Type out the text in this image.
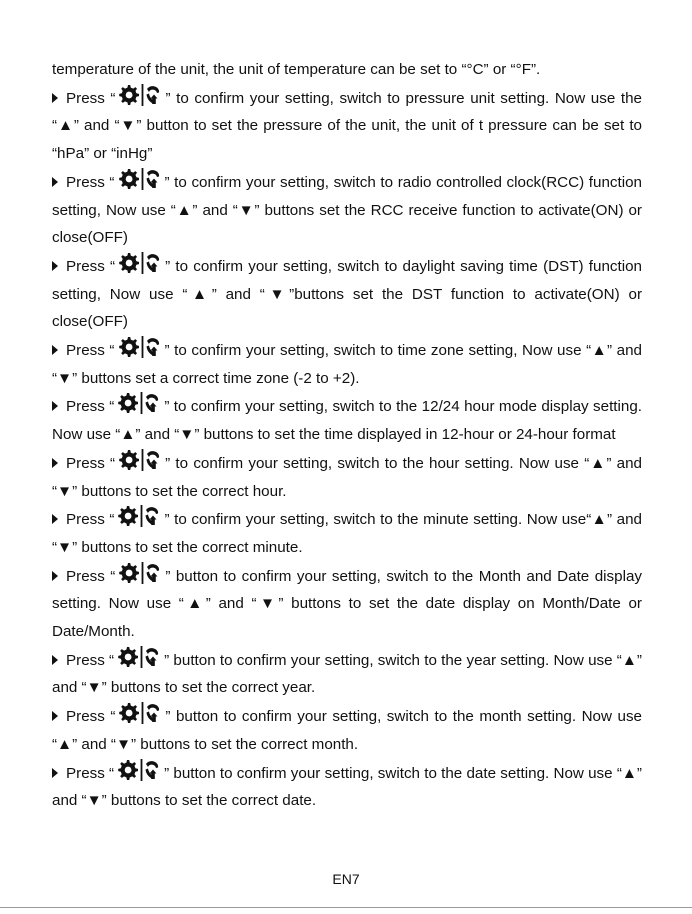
temperature of the unit, the unit of temperature can be set to “°C” or “°F”.

Press “	” to confirm your setting, switch to pressure unit setting. Now use the “▲” and “▼” button to set the pressure of the unit, the unit of t pressure can be set to “hPa” or “inHg”

Press “	” to confirm your setting, switch to radio controlled clock(RCC) function setting, Now use “▲” and “▼” buttons set the RCC receive function to activate(ON) or close(OFF)

Press “	” to confirm your setting, switch to daylight saving time (DST) function setting, Now use “▲” and “▼”buttons set the DST function to activate(ON) or close(OFF)

Press “	” to confirm your setting, switch to time zone setting, Now use “▲” and “▼” buttons set a correct time zone (-2 to +2).

Press “	” to confirm your setting, switch to the 12/24 hour mode display setting. Now use “▲” and “▼” buttons to set the time displayed in 12-hour or 24-hour format

Press “	” to confirm your setting, switch to the hour setting. Now use “▲” and “▼” buttons to set the correct hour.

Press “	” to confirm your setting, switch to the minute setting. Now use“▲” and “▼” buttons to set the correct minute.

Press “	” button to confirm your setting, switch to the Month and Date display setting. Now use “▲” and “▼” buttons to set the date display on Month/Date or Date/Month.

Press “	” button to confirm your setting, switch to the year setting. Now use “▲” and “▼” buttons to set the correct year.

Press “	” button to confirm your setting, switch to the month setting. Now use “▲” and “▼” buttons to set the correct month.

Press “	” button to confirm your setting, switch to the date setting. Now use “▲” and “▼” buttons to set the correct date.

EN7
